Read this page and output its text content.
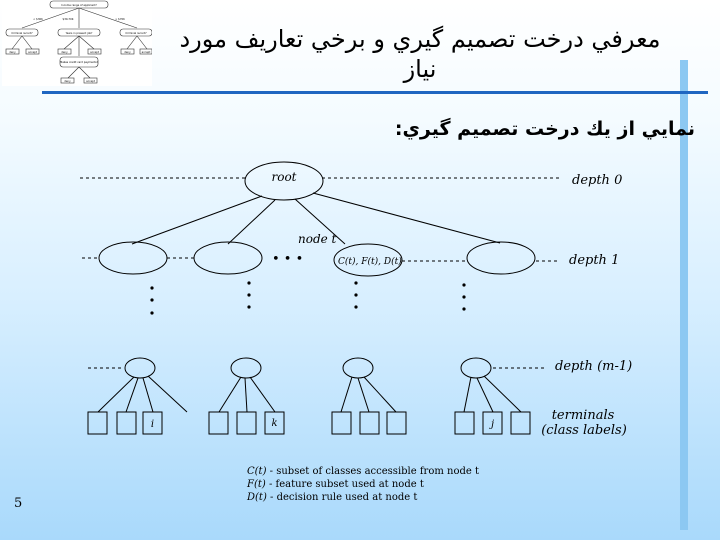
Income range of applicant?
Criminal record?	Years in present job?	Criminal record?
< $30K	$30-70K	> $70K
deny	accept	deny	accept	deny	accept
Makes credit card payments?
deny	accept
معرفي درخت تصميم گيري و برخي تعاريف مورد نياز
نمايي از يك درخت تصميم گيري:
root
node t
C(t), F(t), D(t)
• • •
depth 0
depth 1
depth (m-1)
terminals
(class labels)
i	k	j
C(t) - subset of classes accessible from node t
F(t) - feature subset used at node t
D(t) - decision rule used at node t
5
